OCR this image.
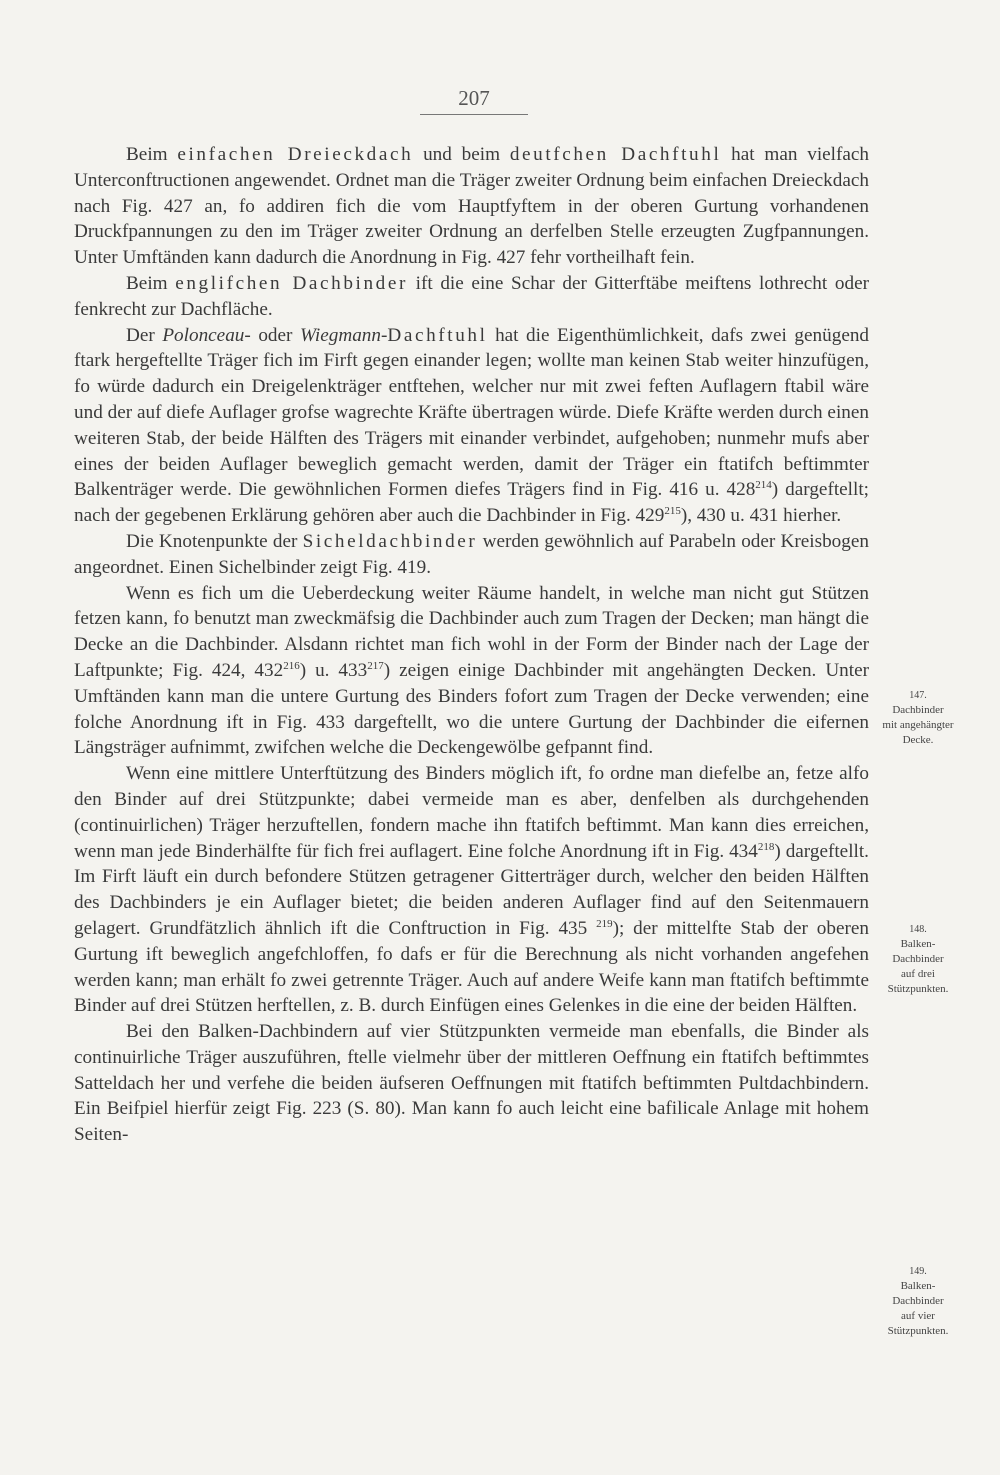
207

Beim einfachen Dreieckdach und beim deutfchen Dachftuhl hat man vielfach Unterconftructionen angewendet. Ordnet man die Träger zweiter Ordnung beim einfachen Dreieckdach nach Fig. 427 an, fo addiren fich die vom Hauptfyftem in der oberen Gurtung vorhandenen Druckfpannungen zu den im Träger zweiter Ordnung an derfelben Stelle erzeugten Zugfpannungen. Unter Umftänden kann dadurch die Anordnung in Fig. 427 fehr vortheilhaft fein.

Beim englifchen Dachbinder ift die eine Schar der Gitterftäbe meiftens lothrecht oder fenkrecht zur Dachfläche.

Der Polonceau- oder Wiegmann-Dachftuhl hat die Eigenthümlichkeit, dafs zwei genügend ftark hergeftellte Träger fich im Firft gegen einander legen; wollte man keinen Stab weiter hinzufügen, fo würde dadurch ein Dreigelenkträger entftehen, welcher nur mit zwei feften Auflagern ftabil wäre und der auf diefe Auflager grofse wagrechte Kräfte übertragen würde. Diefe Kräfte werden durch einen weiteren Stab, der beide Hälften des Trägers mit einander verbindet, aufgehoben; nunmehr mufs aber eines der beiden Auflager beweglich gemacht werden, damit der Träger ein ftatifch beftimmter Balkenträger werde. Die gewöhnlichen Formen diefes Trägers find in Fig. 416 u. $428^{214}$) dargeftellt; nach der gegebenen Erklärung gehören aber auch die Dachbinder in Fig. $429^{215}$), 430 u. 431 hierher.

Die Knotenpunkte der Sicheldachbinder werden gewöhnlich auf Parabeln oder Kreisbogen angeordnet. Einen Sichelbinder zeigt Fig. 419.

Wenn es fich um die Ueberdeckung weiter Räume handelt, in welche man nicht gut Stützen fetzen kann, fo benutzt man zweckmäfsig die Dachbinder auch zum Tragen der Decken; man hängt die Decke an die Dachbinder. Alsdann richtet man fich wohl in der Form der Binder nach der Lage der Laftpunkte; Fig. 424, $432^{216}$) u. $433^{217}$) zeigen einige Dachbinder mit angehängten Decken. Unter Umftänden kann man die untere Gurtung des Binders fofort zum Tragen der Decke verwenden; eine folche Anordnung ift in Fig. 433 dargeftellt, wo die untere Gurtung der Dachbinder die eifernen Längsträger aufnimmt, zwifchen welche die Deckengewölbe gefpannt find.

Wenn eine mittlere Unterftützung des Binders möglich ift, fo ordne man diefelbe an, fetze alfo den Binder auf drei Stützpunkte; dabei vermeide man es aber, denfelben als durchgehenden (continuirlichen) Träger herzuftellen, fondern mache ihn ftatifch beftimmt. Man kann dies erreichen, wenn man jede Binderhälfte für fich frei auflagert. Eine folche Anordnung ift in Fig. $434^{218}$) dargeftellt. Im Firft läuft ein durch befondere Stützen getragener Gitterträger durch, welcher den beiden Hälften des Dachbinders je ein Auflager bietet; die beiden anderen Auflager find auf den Seitenmauern gelagert. Grundfätzlich ähnlich ift die Conftruction in Fig. 435 $^{219}$); der mittelfte Stab der oberen Gurtung ift beweglich angefchloffen, fo dafs er für die Berechnung als nicht vorhanden angefehen werden kann; man erhält fo zwei getrennte Träger. Auch auf andere Weife kann man ftatifch beftimmte Binder auf drei Stützen herftellen, z. B. durch Einfügen eines Gelenkes in die eine der beiden Hälften.

Bei den Balken-Dachbindern auf vier Stützpunkten vermeide man ebenfalls, die Binder als continuirliche Träger auszuführen, ftelle vielmehr über der mittleren Oeffnung ein ftatifch beftimmtes Satteldach her und verfehe die beiden äufseren Oeffnungen mit ftatifch beftimmten Pultdachbindern. Ein Beifpiel hierfür zeigt Fig. 223 (S. 80). Man kann fo auch leicht eine bafilicale Anlage mit hohem Seiten-

147.
Dachbinder
mit angehängter
Decke.
148.
Balken-
Dachbinder
auf drei
Stützpunkten.
149.
Balken-
Dachbinder
auf vier
Stützpunkten.
